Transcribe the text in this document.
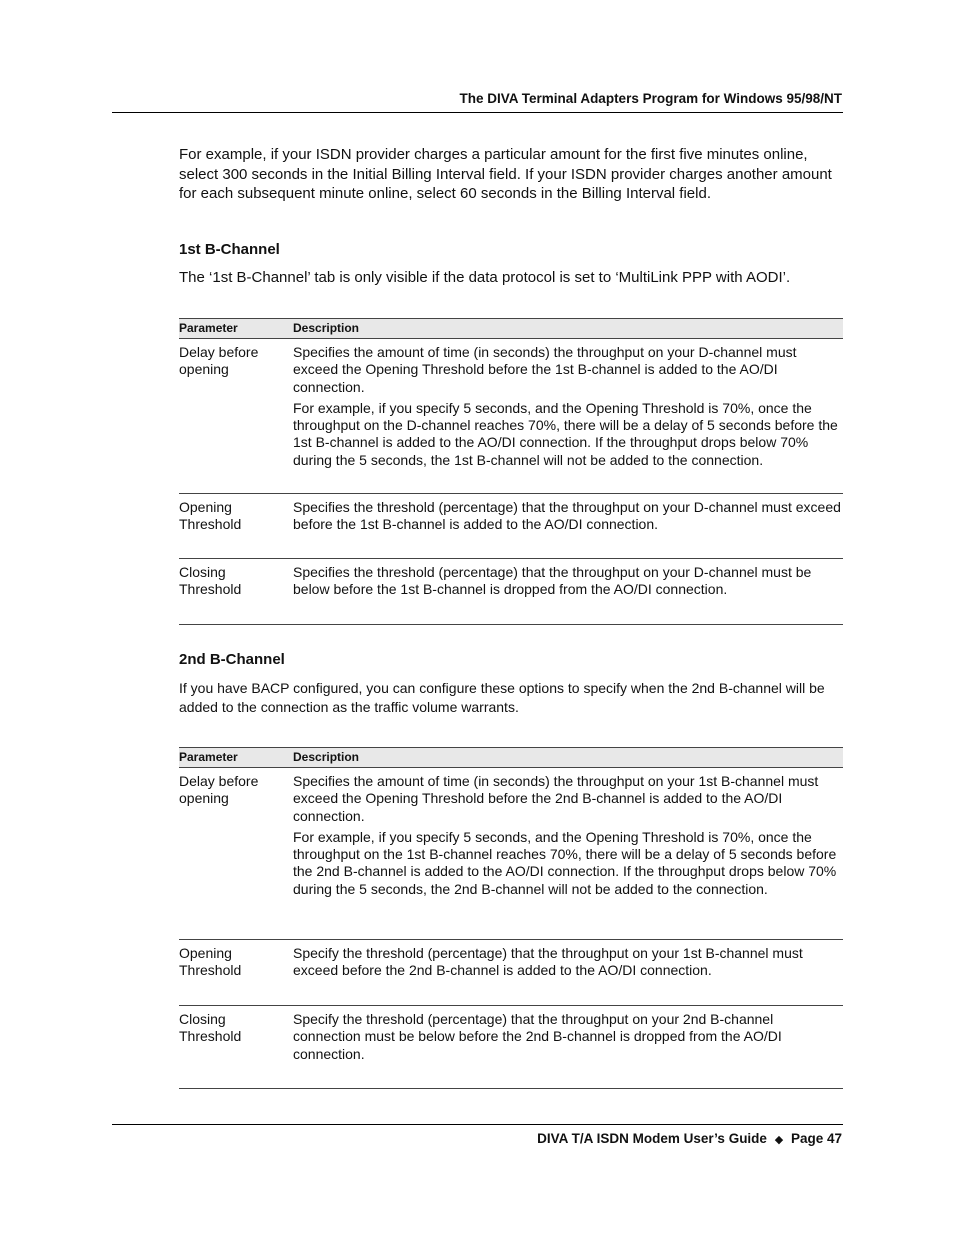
The DIVA Terminal Adapters Program for Windows 95/98/NT

For example, if your ISDN provider charges a particular amount for the first five minutes online, select 300 seconds in the Initial Billing Interval field. If your ISDN provider charges another amount for each subsequent minute online, select 60 seconds in the Billing Interval field.

1st B-Channel

The ‘1st B-Channel’ tab is only visible if the data protocol is set to ‘MultiLink PPP with AODI’.

Parameter	Description
Delay before opening

Specifies the amount of time (in seconds) the throughput on your D-channel must exceed the Opening Threshold before the 1st B-channel is added to the AO/DI connection.

For example, if you specify 5 seconds, and the Opening Threshold is 70%, once the throughput on the D-channel reaches 70%, there will be a delay of 5 seconds before the 1st B-channel is added to the AO/DI connection. If the throughput drops below 70% during the 5 seconds, the 1st B-channel will not be added to the connection.

Opening Threshold

Specifies the threshold (percentage) that the throughput on your D-channel must exceed before the 1st B-channel is added to the AO/DI connection.

Closing Threshold

Specifies the threshold (percentage) that the throughput on your D-channel must be below before the 1st B-channel is dropped from the AO/DI connection.

2nd B-Channel

If you have BACP configured, you can configure these options to specify when the 2nd B-channel will be added to the connection as the traffic volume warrants.

Parameter	Description
Delay before opening

Specifies the amount of time (in seconds) the throughput on your 1st B-channel must exceed the Opening Threshold before the 2nd B-channel is added to the AO/DI connection.

For example, if you specify 5 seconds, and the Opening Threshold is 70%, once the throughput on the 1st B-channel reaches 70%, there will be a delay of 5 seconds before the 2nd B-channel is added to the AO/DI connection. If the throughput drops below 70% during the 5 seconds, the 2nd B-channel will not be added to the connection.

Opening Threshold

Specify the threshold (percentage) that the throughput on your 1st B-channel must exceed before the 2nd B-channel is added to the AO/DI connection.

Closing Threshold

Specify the threshold (percentage) that the throughput on your 2nd B-channel connection must be below before the 2nd B-channel is dropped from the AO/DI connection.

DIVA T/A ISDN Modem User’s Guide ◆ Page 47
